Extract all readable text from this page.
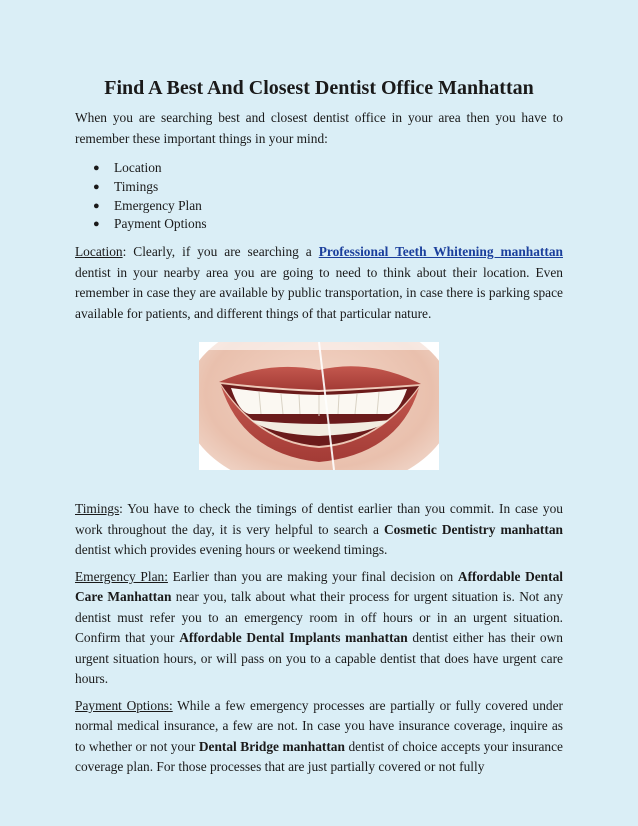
Find A Best And Closest Dentist Office Manhattan

When you are searching best and closest dentist office in your area then you have to remember these important things in your mind:

● Location
● Timings
● Emergency Plan
● Payment Options

Location: Clearly, if you are searching a Professional Teeth Whitening manhattan dentist in your nearby area you are going to need to think about their location. Even remember in case they are available by public transportation, in case there is parking space available for patients, and different things of that particular nature.

Timings: You have to check the timings of dentist earlier than you commit. In case you work throughout the day, it is very helpful to search a Cosmetic Dentistry manhattan dentist which provides evening hours or weekend timings.

Emergency Plan: Earlier than you are making your final decision on Affordable Dental Care Manhattan near you, talk about what their process for urgent situation is. Not any dentist must refer you to an emergency room in off hours or in an urgent situation. Confirm that your Affordable Dental Implants manhattan dentist either has their own urgent situation hours, or will pass on you to a capable dentist that does have urgent care hours.

Payment Options: While a few emergency processes are partially or fully covered under normal medical insurance, a few are not. In case you have insurance coverage, inquire as to whether or not your Dental Bridge manhattan dentist of choice accepts your insurance coverage plan. For those processes that are just partially covered or not fully
